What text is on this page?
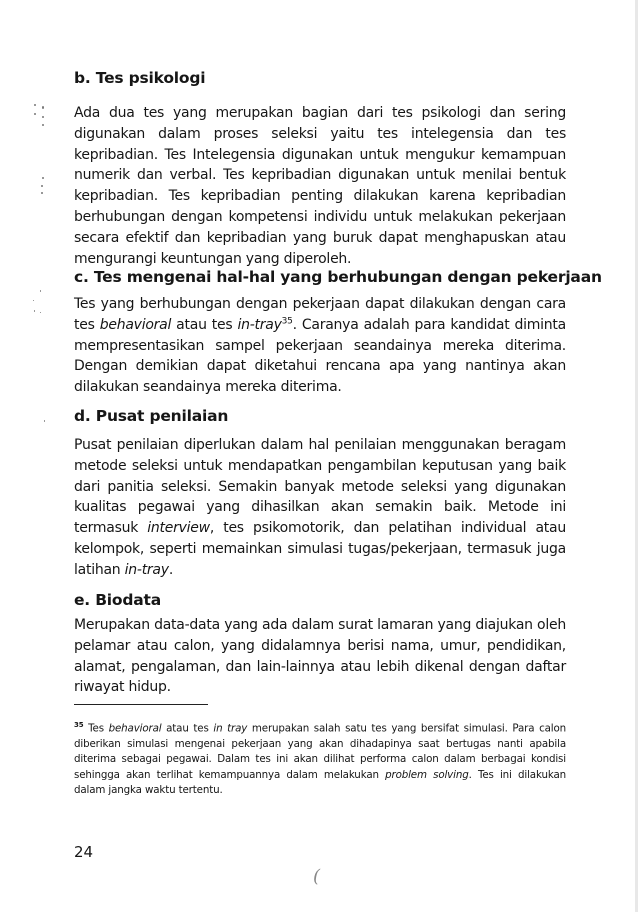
b. Tes psikologi

Ada dua tes yang merupakan bagian dari tes psikologi dan sering digunakan dalam proses seleksi yaitu tes intelegensia dan tes kepribadian. Tes Intelegensia digunakan untuk mengukur kemampuan numerik dan verbal. Tes kepribadian digunakan untuk menilai bentuk kepribadian. Tes kepribadian penting dilakukan karena kepribadian berhubungan dengan kompetensi individu untuk melakukan pekerjaan secara efektif dan kepribadian yang buruk dapat menghapuskan atau mengurangi keuntungan yang diperoleh.

c. Tes mengenai hal-hal yang berhubungan dengan pekerjaan

Tes yang berhubungan dengan pekerjaan dapat dilakukan dengan cara tes behavioral atau tes in-tray$^{35}$. Caranya adalah para kandidat diminta mempresentasikan sampel pekerjaan seandainya mereka diterima. Dengan demikian dapat diketahui rencana apa yang nantinya akan dilakukan seandainya mereka diterima.

d. Pusat penilaian

Pusat penilaian diperlukan dalam hal penilaian menggunakan beragam metode seleksi untuk mendapatkan pengambilan keputusan yang baik dari panitia seleksi. Semakin banyak metode seleksi yang digunakan kualitas pegawai yang dihasilkan akan semakin baik. Metode ini termasuk interview, tes psikomotorik, dan pelatihan individual atau kelompok, seperti memainkan simulasi tugas/pekerjaan, termasuk juga latihan in-tray.

e. Biodata

Merupakan data-data yang ada dalam surat lamaran yang diajukan oleh pelamar atau calon, yang didalamnya berisi nama, umur, pendidikan, alamat, pengalaman, dan lain-lainnya atau lebih dikenal dengan daftar riwayat hidup.

$^{35}$ Tes behavioral atau tes in tray merupakan salah satu tes yang bersifat simulasi. Para calon diberikan simulasi mengenai pekerjaan yang akan dihadapinya saat bertugas nanti apabila diterima sebagai pegawai. Dalam tes ini akan dilihat performa calon dalam berbagai kondisi sehingga akan terlihat kemampuannya dalam melakukan problem solving. Tes ini dilakukan dalam jangka waktu tertentu.

24
(
